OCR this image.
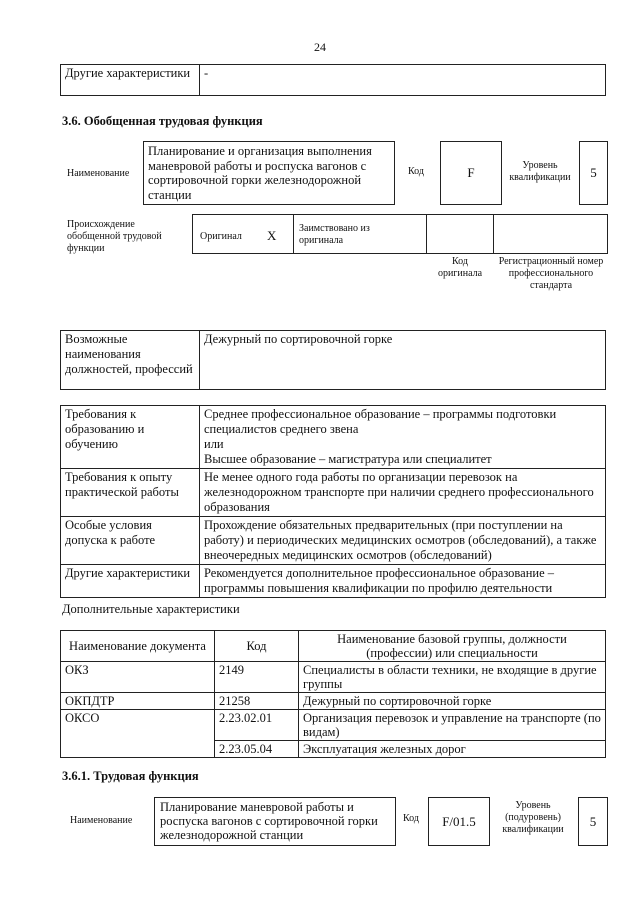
24
Другие характеристики	-
3.6. Обобщенная трудовая функция
Наименование
Планирование и организация выполнения маневровой работы и роспуска вагонов с сортировочной горки железнодорожной станции
Код	F	Уровень квалификации	5
Происхождение обобщенной трудовой функции
Оригинал X Заимствовано из оригинала
Код оригинала
Регистрационный номер профессионального стандарта
Возможные наименования должностей, профессий	Дежурный по сортировочной горке
Требования к образованию и обучению	Среднее профессиональное образование – программы подготовки специалистов среднего звена
или
Высшее образование – магистратура или специалитет
Требования к опыту практической работы	Не менее одного года работы по организации перевозок на железнодорожном транспорте при наличии среднего профессионального образования
Особые условия допуска к работе	Прохождение обязательных предварительных (при поступлении на работу) и периодических медицинских осмотров (обследований), а также внеочередных медицинских осмотров (обследований)
Другие характеристики	Рекомендуется дополнительное профессиональное образование – программы повышения квалификации по профилю деятельности
Дополнительные характеристики
Наименование документа	Код	Наименование базовой группы, должности (профессии) или специальности
ОКЗ	2149	Специалисты в области техники, не входящие в другие группы
ОКПДТР	21258	Дежурный по сортировочной горке
ОКСО	2.23.02.01	Организация перевозок и управление на транспорте (по видам)
	2.23.05.04	Эксплуатация железных дорог
3.6.1. Трудовая функция
Наименование
Планирование маневровой работы и роспуска вагонов с сортировочной горки железнодорожной станции
Код F/01.5
Уровень (подуровень) квалификации
5
